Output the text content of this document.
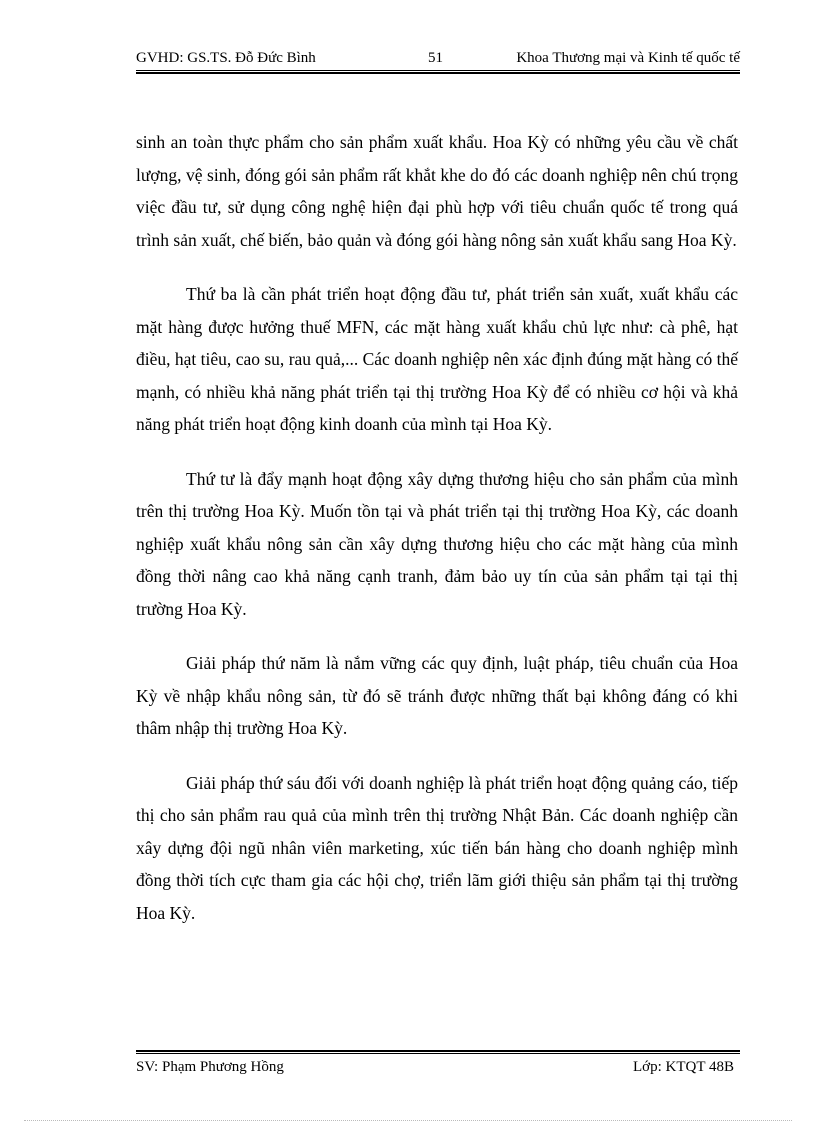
GVHD: GS.TS. Đỗ Đức Bình	51	Khoa Thương mại và Kinh tế quốc tế

sinh an toàn thực phẩm cho sản phẩm xuất khẩu. Hoa Kỳ có những yêu cầu về chất lượng, vệ sinh, đóng gói sản phẩm rất khắt khe do đó các doanh nghiệp nên chú trọng việc đầu tư, sử dụng công nghệ hiện đại phù hợp với tiêu chuẩn quốc tế trong quá trình sản xuất, chế biến, bảo quản và đóng gói hàng nông sản xuất khẩu sang Hoa Kỳ.

Thứ ba là cần phát triển hoạt động đầu tư, phát triển sản xuất, xuất khẩu các mặt hàng được hưởng thuế MFN, các mặt hàng xuất khẩu chủ lực như: cà phê, hạt điều, hạt tiêu, cao su, rau quả,... Các doanh nghiệp nên xác định đúng mặt hàng có thế mạnh, có nhiều khả năng phát triển tại thị trường Hoa Kỳ để có nhiều cơ hội và khả năng phát triển hoạt động kinh doanh của mình tại Hoa Kỳ.

Thứ tư là đẩy mạnh hoạt động xây dựng thương hiệu cho sản phẩm của mình trên thị trường Hoa Kỳ. Muốn tồn tại và phát triển tại thị trường Hoa Kỳ, các doanh nghiệp xuất khẩu nông sản cần xây dựng thương hiệu cho các mặt hàng của mình đồng thời nâng cao khả năng cạnh tranh, đảm bảo uy tín của sản phẩm tại tại thị trường Hoa Kỳ.

Giải pháp thứ năm là nắm vững các quy định, luật pháp, tiêu chuẩn của Hoa Kỳ về nhập khẩu nông sản, từ đó sẽ tránh được những thất bại không đáng có khi thâm nhập thị trường Hoa Kỳ.

Giải pháp thứ sáu đối với doanh nghiệp là phát triển hoạt động quảng cáo, tiếp thị cho sản phẩm rau quả của mình trên thị trường Nhật Bản. Các doanh nghiệp cần xây dựng đội ngũ nhân viên marketing, xúc tiến bán hàng cho doanh nghiệp mình đồng thời tích cực tham gia các hội chợ, triển lãm giới thiệu sản phẩm tại thị trường Hoa Kỳ.

SV: Phạm Phương Hồng	Lớp: KTQT 48B
